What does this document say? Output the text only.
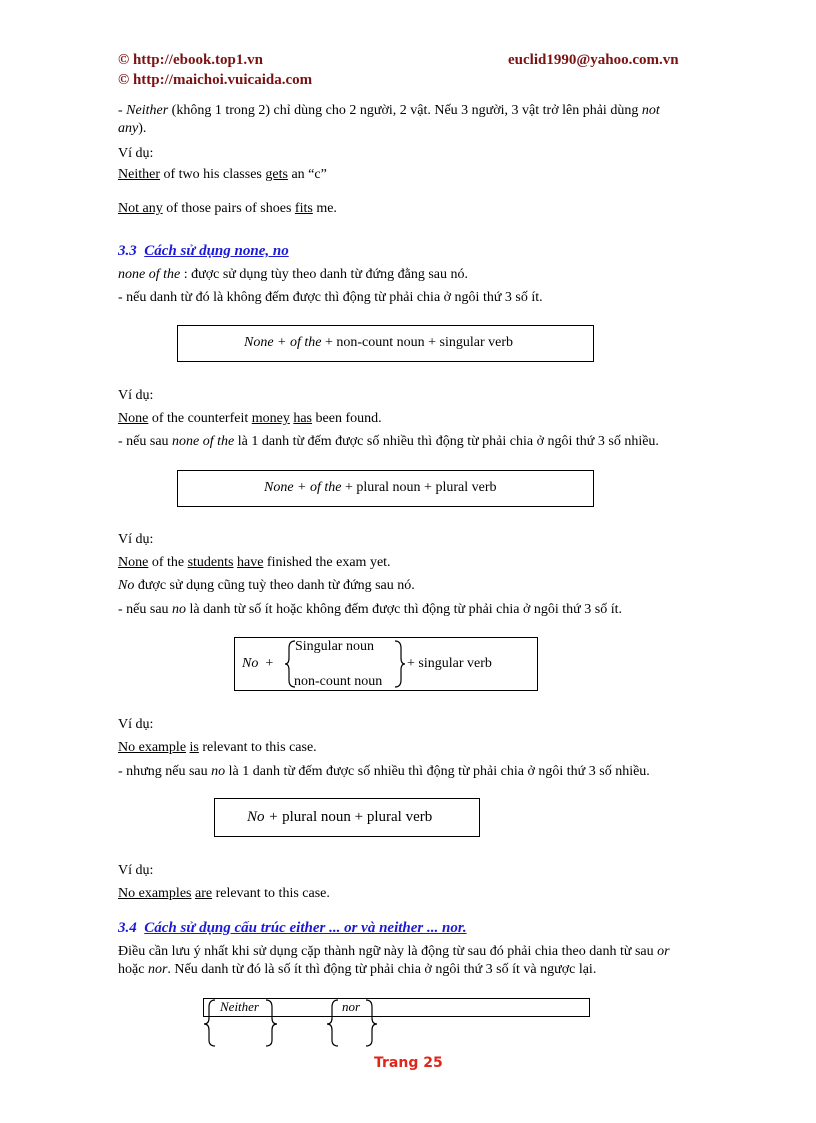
© http://ebook.top1.vn
© http://maichoi.vuicaida.com
euclid1990@yahoo.com.vn
- Neither (không 1 trong 2) chỉ dùng cho 2 người, 2 vật. Nếu 3 người, 3 vật trở lên phải dùng not
any).
Ví dụ:
Neither of two his classes gets an “c”
Not any of those pairs of shoes fits me.
3.3 Cách sử dụng none, no
none of the : được sử dụng tùy theo danh từ đứng đằng sau nó.
- nếu danh từ đó là không đếm được thì động từ phải chia ở ngôi thứ 3 số ít.
None + of the + non-count noun + singular verb
Ví dụ:
None of the counterfeit money has been found.
- nếu sau none of the là 1 danh từ đếm được số nhiều thì động từ phải chia ở ngôi thứ 3 số nhiều.
None + of the + plural noun + plural verb
Ví dụ:
None of the students have finished the exam yet.
No được sử dụng cũng tuỳ theo danh từ đứng sau nó.
- nếu sau no là danh từ số ít hoặc không đếm được thì động từ phải chia ở ngôi thứ 3 số ít.
No  +
Singular noun
non-count noun
+ singular verb
Ví dụ:
No example is relevant to this case.
- nhưng nếu sau no là 1 danh từ đếm được số nhiều thì động từ phải chia ở ngôi thứ 3 số nhiều.
No + plural noun + plural verb
Ví dụ:
No examples are relevant to this case.
3.4 Cách sử dụng cấu trúc either ... or và neither ... nor.
Điều cần lưu ý nhất khi sử dụng cặp thành ngữ này là động từ sau đó phải chia theo danh từ sau or
hoặc nor. Nếu danh từ đó là số ít thì động từ phải chia ở ngôi thứ 3 số ít và ngược lại.
Neither	nor
Trang 25
